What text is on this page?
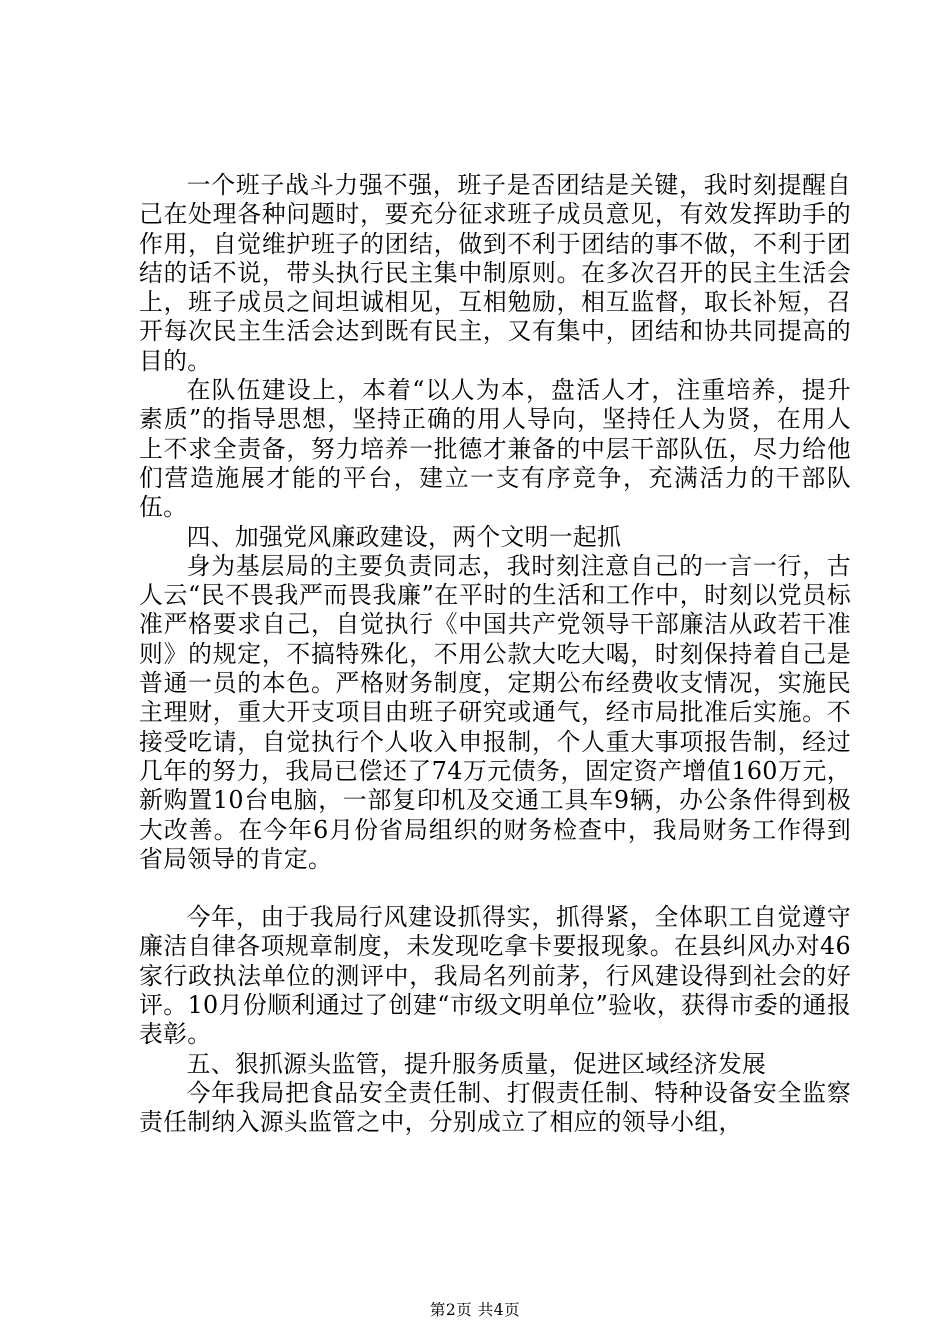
一个班子战斗力强不强，班子是否团结是关键，我时刻提醒自己在处理各种问题时，要充分征求班子成员意见，有效发挥助手的作用，自觉维护班子的团结，做到不利于团结的事不做，不利于团结的话不说，带头执行民主集中制原则。在多次召开的民主生活会上，班子成员之间坦诚相见，互相勉励，相互监督，取长补短，召开每次民主生活会达到既有民主，又有集中，团结和协共同提高的目的。

在队伍建设上，本着“以人为本，盘活人才，注重培养，提升素质”的指导思想，坚持正确的用人导向，坚持任人为贤，在用人上不求全责备，努力培养一批德才兼备的中层干部队伍，尽力给他们营造施展才能的平台，建立一支有序竞争，充满活力的干部队伍。

四、加强党风廉政建设，两个文明一起抓

身为基层局的主要负责同志，我时刻注意自己的一言一行，古人云“民不畏我严而畏我廉”在平时的生活和工作中，时刻以党员标准严格要求自己，自觉执行《中国共产党领导干部廉洁从政若干准则》的规定，不搞特殊化，不用公款大吃大喝，时刻保持着自己是普通一员的本色。严格财务制度，定期公布经费收支情况，实施民主理财，重大开支项目由班子研究或通气，经市局批准后实施。不接受吃请，自觉执行个人收入申报制，个人重大事项报告制，经过几年的努力，我局已偿还了74万元债务，固定资产增值160万元，新购置10台电脑，一部复印机及交通工具车9辆，办公条件得到极大改善。在今年6月份省局组织的财务检查中，我局财务工作得到省局领导的肯定。

今年，由于我局行风建设抓得实，抓得紧，全体职工自觉遵守廉洁自律各项规章制度，未发现吃拿卡要报现象。在县纠风办对46家行政执法单位的测评中，我局名列前茅，行风建设得到社会的好评。10月份顺利通过了创建“市级文明单位”验收，获得市委的通报表彰。

五、狠抓源头监管，提升服务质量，促进区域经济发展

今年我局把食品安全责任制、打假责任制、特种设备安全监察责任制纳入源头监管之中，分别成立了相应的领导小组，

第2页 共4页
